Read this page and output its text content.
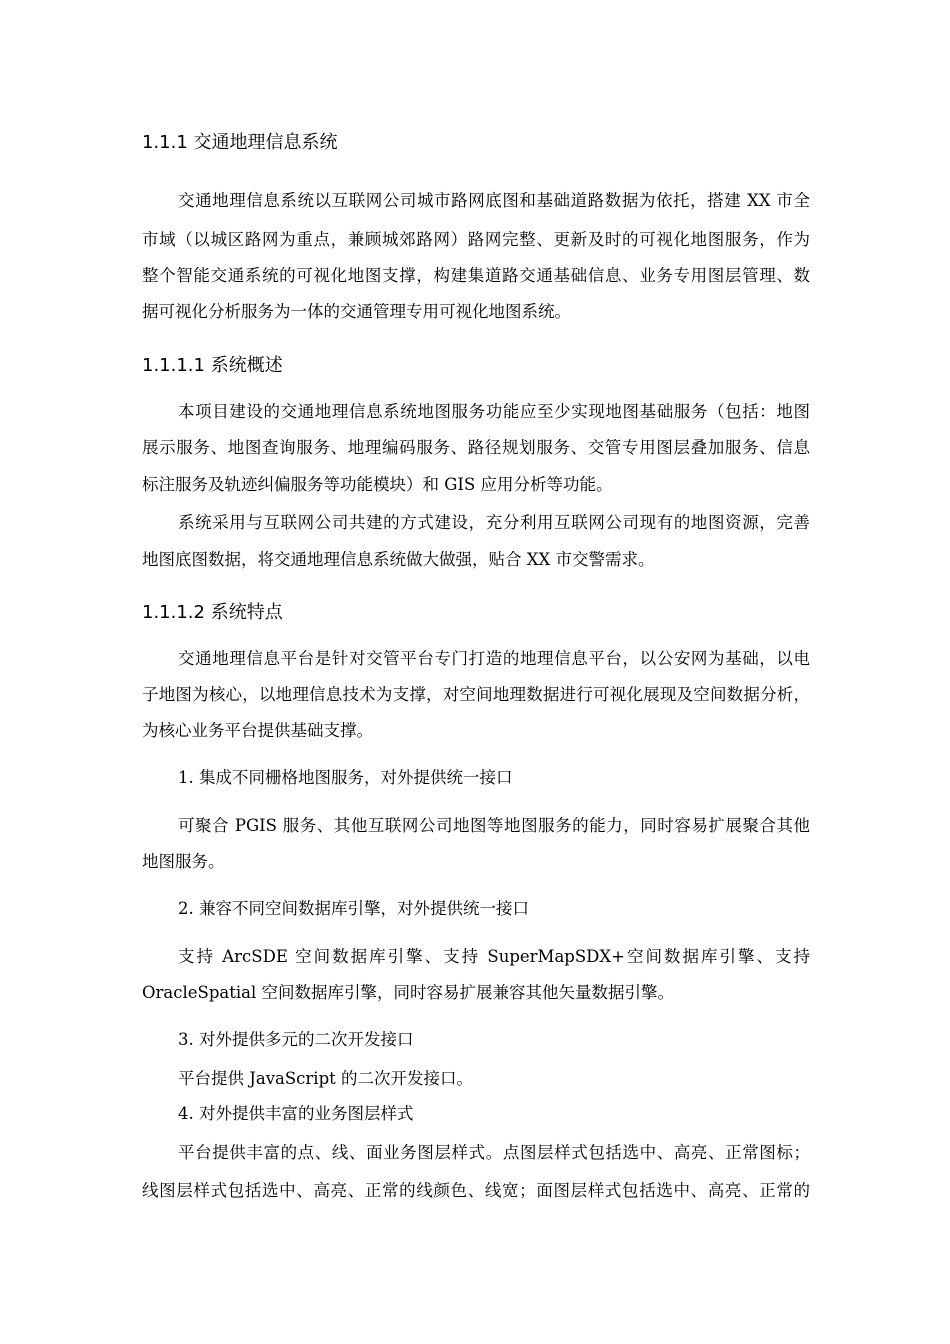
1.1.1 交通地理信息系统

交通地理信息系统以互联网公司城市路网底图和基础道路数据为依托，搭建 XX 市全

市域（以城区路网为重点，兼顾城郊路网）路网完整、更新及时的可视化地图服务，作为

整个智能交通系统的可视化地图支撑，构建集道路交通基础信息、业务专用图层管理、数

据可视化分析服务为一体的交通管理专用可视化地图系统。

1.1.1.1 系统概述

本项目建设的交通地理信息系统地图服务功能应至少实现地图基础服务（包括：地图

展示服务、地图查询服务、地理编码服务、路径规划服务、交管专用图层叠加服务、信息

标注服务及轨迹纠偏服务等功能模块）和 GIS 应用分析等功能。

系统采用与互联网公司共建的方式建设，充分利用互联网公司现有的地图资源，完善

地图底图数据，将交通地理信息系统做大做强，贴合 XX 市交警需求。

1.1.1.2 系统特点

交通地理信息平台是针对交管平台专门打造的地理信息平台，以公安网为基础，以电

子地图为核心，以地理信息技术为支撑，对空间地理数据进行可视化展现及空间数据分析，

为核心业务平台提供基础支撑。

1. 集成不同栅格地图服务，对外提供统一接口

可聚合 PGIS 服务、其他互联网公司地图等地图服务的能力，同时容易扩展聚合其他

地图服务。

2. 兼容不同空间数据库引擎，对外提供统一接口

支持 ArcSDE 空间数据库引擎、支持 SuperMapSDX+空间数据库引擎、支持

OracleSpatial 空间数据库引擎，同时容易扩展兼容其他矢量数据引擎。

3. 对外提供多元的二次开发接口

平台提供 JavaScript 的二次开发接口。

4. 对外提供丰富的业务图层样式

平台提供丰富的点、线、面业务图层样式。点图层样式包括选中、高亮、正常图标；

线图层样式包括选中、高亮、正常的线颜色、线宽；面图层样式包括选中、高亮、正常的
